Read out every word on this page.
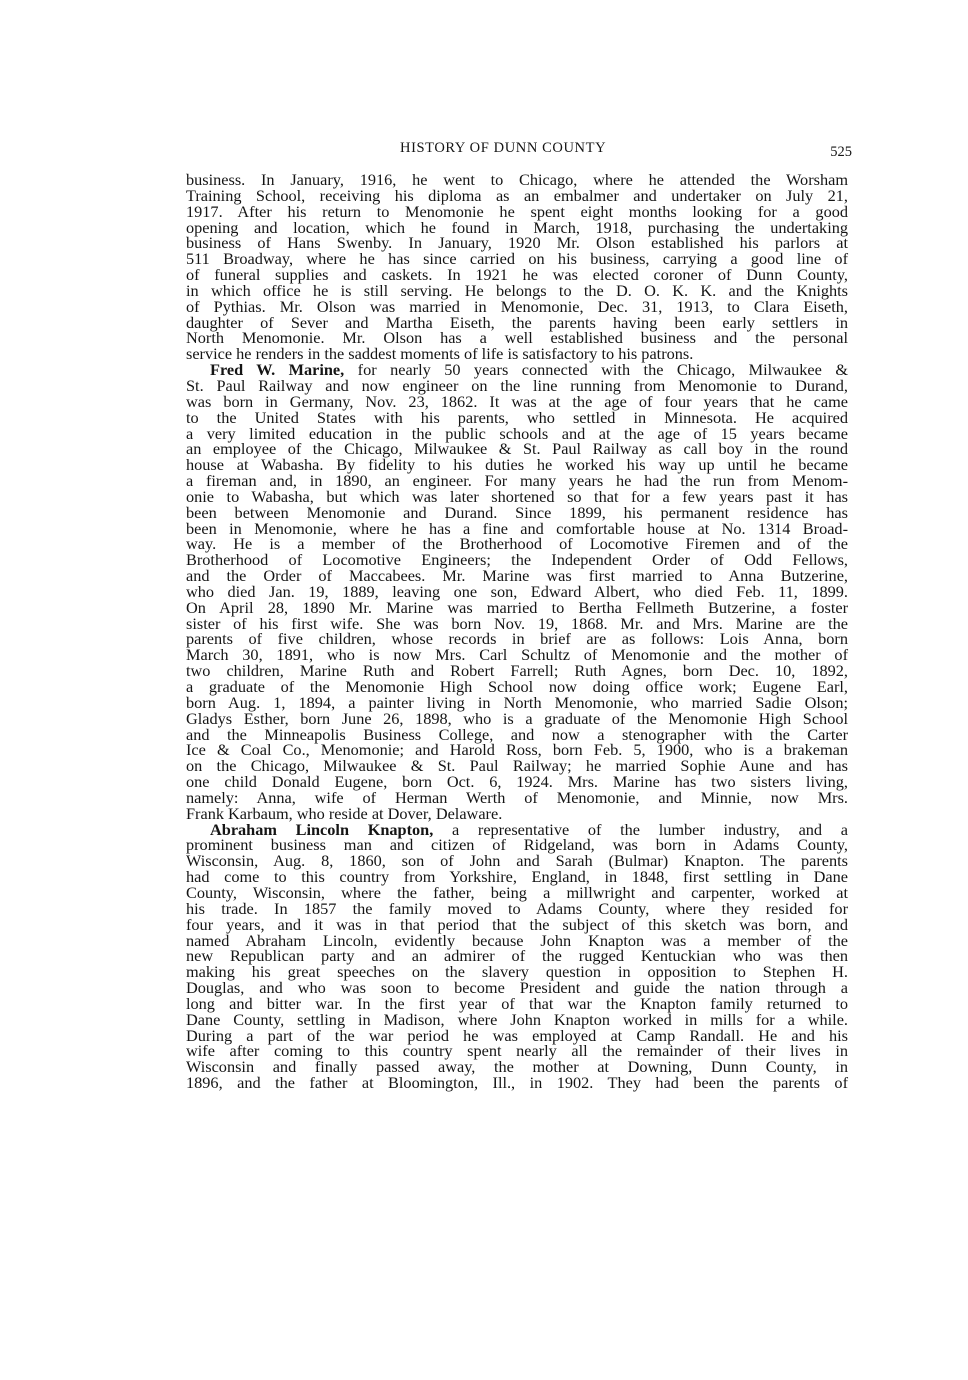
HISTORY OF DUNN COUNTY	525
business. In January, 1916, he went to Chicago, where he attended the Worsham
Training School, receiving his diploma as an embalmer and undertaker on July 21,
1917. After his return to Menomonie he spent eight months looking for a good
opening and location, which he found in March, 1918, purchasing the undertaking
business of Hans Swenby. In January, 1920 Mr. Olson established his parlors at
511 Broadway, where he has since carried on his business, carrying a good line of
of funeral supplies and caskets. In 1921 he was elected coroner of Dunn County,
in which office he is still serving. He belongs to the D. O. K. K. and the Knights
of Pythias. Mr. Olson was married in Menomonie, Dec. 31, 1913, to Clara Eiseth,
daughter of Sever and Martha Eiseth, the parents having been early settlers in
North Menomonie. Mr. Olson has a well established business and the personal
service he renders in the saddest moments of life is satisfactory to his patrons.
Fred W. Marine, for nearly 50 years connected with the Chicago, Milwaukee &
St. Paul Railway and now engineer on the line running from Menomonie to Durand,
was born in Germany, Nov. 23, 1862. It was at the age of four years that he came
to the United States with his parents, who settled in Minnesota. He acquired
a very limited education in the public schools and at the age of 15 years became
an employee of the Chicago, Milwaukee & St. Paul Railway as call boy in the round
house at Wabasha. By fidelity to his duties he worked his way up until he became
a fireman and, in 1890, an engineer. For many years he had the run from Menom-
onie to Wabasha, but which was later shortened so that for a few years past it has
been between Menomonie and Durand. Since 1899, his permanent residence has
been in Menomonie, where he has a fine and comfortable house at No. 1314 Broad-
way. He is a member of the Brotherhood of Locomotive Firemen and of the
Brotherhood of Locomotive Engineers; the Independent Order of Odd Fellows,
and the Order of Maccabees. Mr. Marine was first married to Anna Butzerine,
who died Jan. 19, 1889, leaving one son, Edward Albert, who died Feb. 11, 1899.
On April 28, 1890 Mr. Marine was married to Bertha Fellmeth Butzerine, a foster
sister of his first wife. She was born Nov. 19, 1868. Mr. and Mrs. Marine are the
parents of five children, whose records in brief are as follows: Lois Anna, born
March 30, 1891, who is now Mrs. Carl Schultz of Menomonie and the mother of
two children, Marine Ruth and Robert Farrell; Ruth Agnes, born Dec. 10, 1892,
a graduate of the Menomonie High School now doing office work; Eugene Earl,
born Aug. 1, 1894, a painter living in North Menomonie, who married Sadie Olson;
Gladys Esther, born June 26, 1898, who is a graduate of the Menomonie High School
and the Minneapolis Business College, and now a stenographer with the Carter
Ice & Coal Co., Menomonie; and Harold Ross, born Feb. 5, 1900, who is a brakeman
on the Chicago, Milwaukee & St. Paul Railway; he married Sophie Aune and has
one child Donald Eugene, born Oct. 6, 1924. Mrs. Marine has two sisters living,
namely: Anna, wife of Herman Werth of Menomonie, and Minnie, now Mrs.
Frank Karbaum, who reside at Dover, Delaware.
Abraham Lincoln Knapton, a representative of the lumber industry, and a
prominent business man and citizen of Ridgeland, was born in Adams County,
Wisconsin, Aug. 8, 1860, son of John and Sarah (Bulmar) Knapton. The parents
had come to this country from Yorkshire, England, in 1848, first settling in Dane
County, Wisconsin, where the father, being a millwright and carpenter, worked at
his trade. In 1857 the family moved to Adams County, where they resided for
four years, and it was in that period that the subject of this sketch was born, and
named Abraham Lincoln, evidently because John Knapton was a member of the
new Republican party and an admirer of the rugged Kentuckian who was then
making his great speeches on the slavery question in opposition to Stephen H.
Douglas, and who was soon to become President and guide the nation through a
long and bitter war. In the first year of that war the Knapton family returned to
Dane County, settling in Madison, where John Knapton worked in mills for a while.
During a part of the war period he was employed at Camp Randall. He and his
wife after coming to this country spent nearly all the remainder of their lives in
Wisconsin and finally passed away, the mother at Downing, Dunn County, in
1896, and the father at Bloomington, Ill., in 1902. They had been the parents of
